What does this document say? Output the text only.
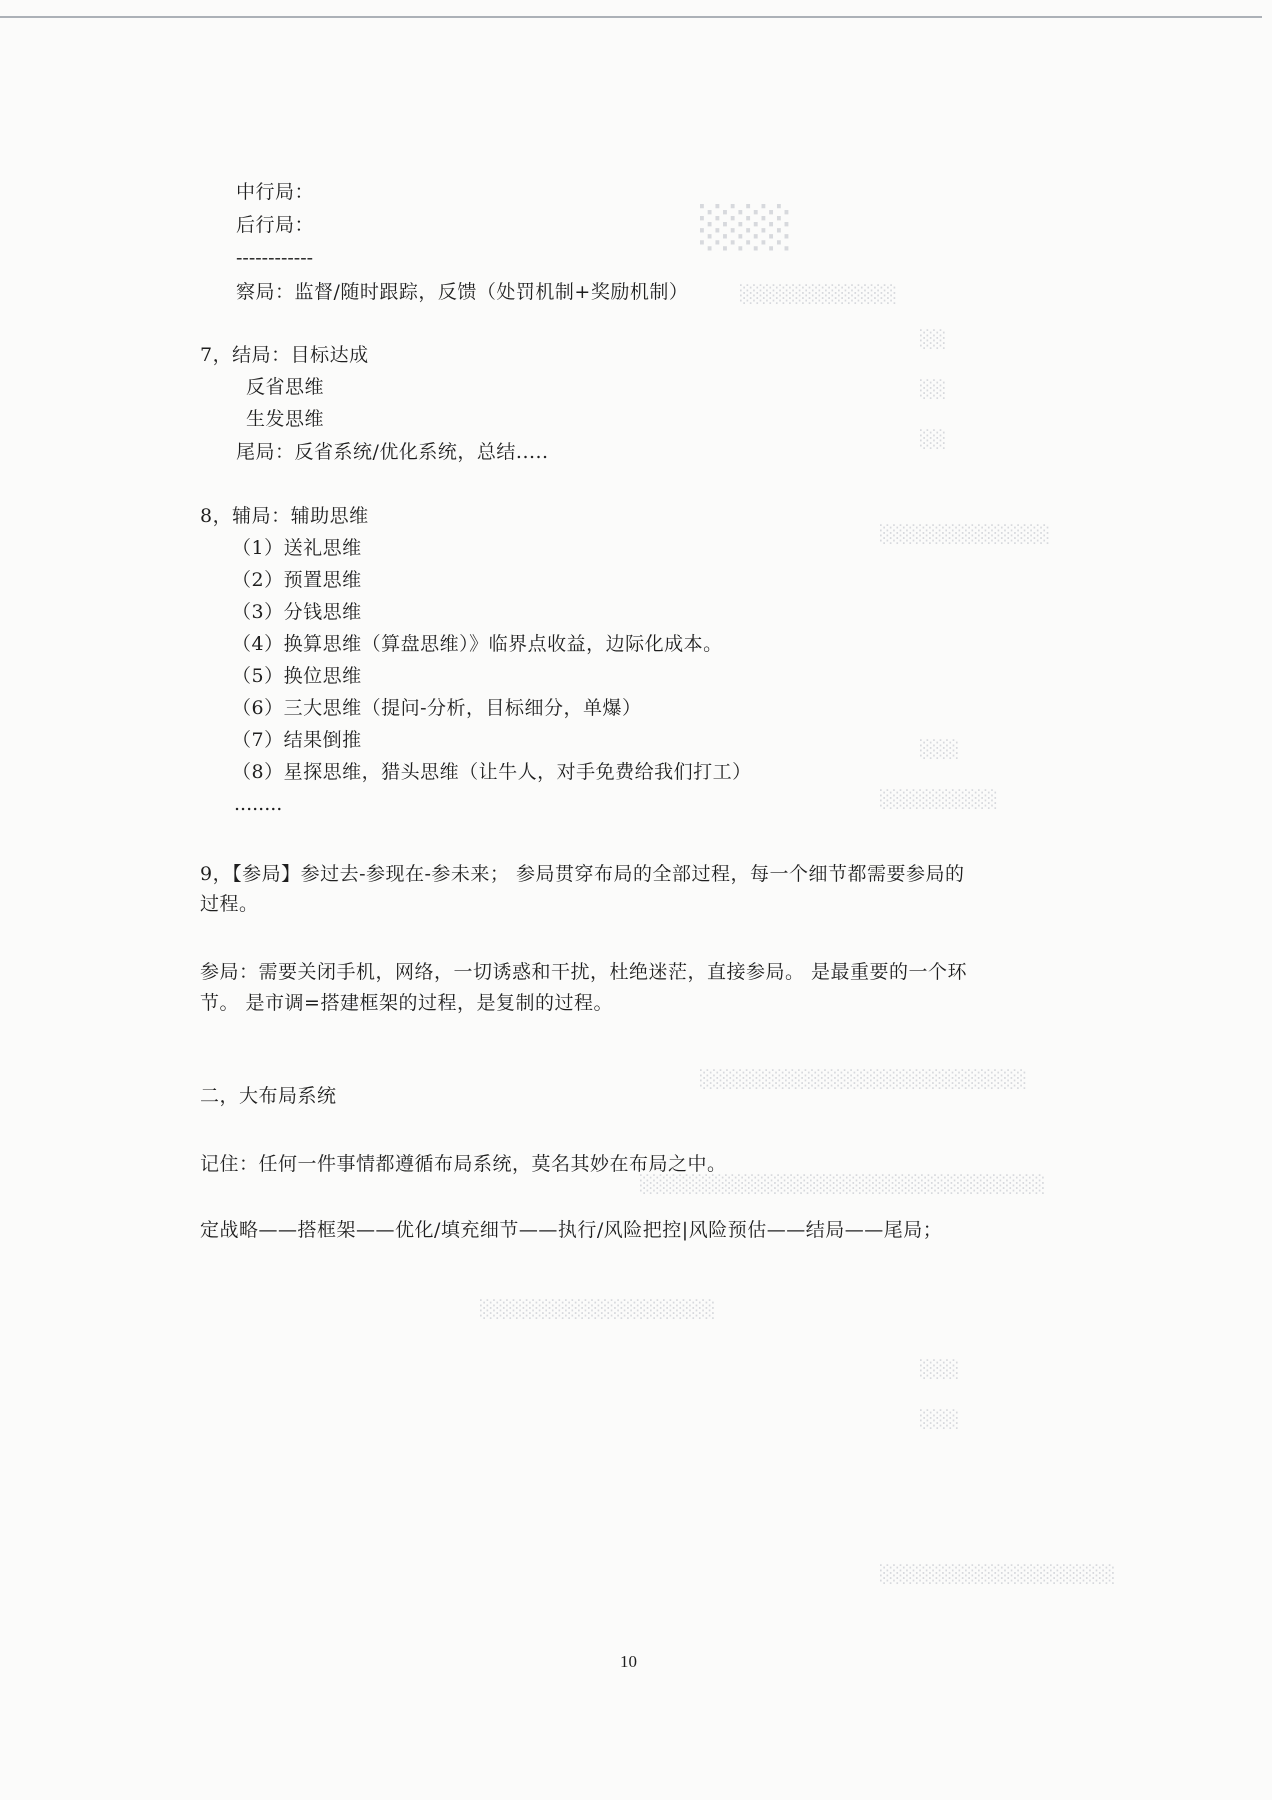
░░░
░░░░░░░░░░░░
░░
░░
░░
░░░░░░░░░░░░░
░░░
░░░░░░░░░
░░░░░░░░░░░░░░░░░░░░░░░░░
░░░░░░░░░░░░░░░░░░░░░░░░░░░░░░░
░░░░░░░░░░░░░░░░░░
░░░
░░░
░░░░░░░░░░░░░░░░░░
中行局：
后行局：
------------
察局：监督/随时跟踪，反馈（处罚机制+奖励机制）
7，结局：目标达成
反省思维
生发思维
尾局：反省系统/优化系统，总结.....
8，辅局：辅助思维
（1）送礼思维
（2）预置思维
（3）分钱思维
（4）换算思维（算盘思维）》临界点收益，边际化成本。
（5）换位思维
（6）三大思维（提问-分析，目标细分，单爆）
（7）结果倒推
（8）星探思维，猎头思维（让牛人，对手免费给我们打工）
........
9，【参局】参过去-参现在-参未来； 参局贯穿布局的全部过程，每一个细节都需要参局的
过程。
参局：需要关闭手机，网络，一切诱惑和干扰，杜绝迷茫，直接参局。 是最重要的一个环
节。 是市调=搭建框架的过程，是复制的过程。
二，大布局系统
记住：任何一件事情都遵循布局系统，莫名其妙在布局之中。
定战略——搭框架——优化/填充细节——执行/风险把控|风险预估——结局——尾局；
10
